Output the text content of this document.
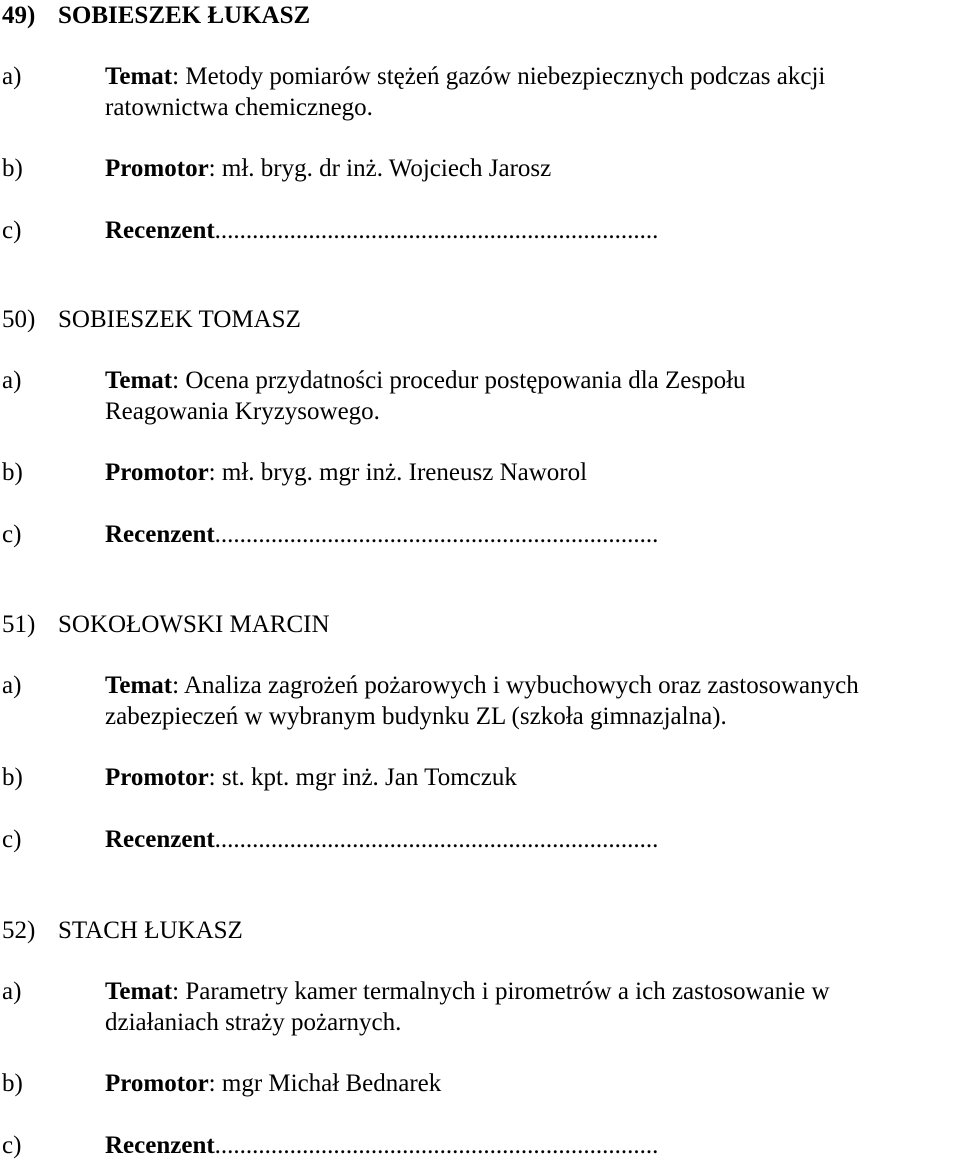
49) SOBIESZEK ŁUKASZ
a)	Temat: Metody pomiarów stężeń gazów niebezpiecznych podczas akcji
ratownictwa chemicznego.
b)	Promotor: mł. bryg. dr inż. Wojciech Jarosz
c)	Recenzent.......................................................................
50) SOBIESZEK TOMASZ
a)	Temat: Ocena przydatności procedur postępowania dla Zespołu
Reagowania Kryzysowego.
b)	Promotor: mł. bryg. mgr inż. Ireneusz Naworol
c)	Recenzent.......................................................................
51) SOKOŁOWSKI MARCIN
a)	Temat: Analiza zagrożeń pożarowych i wybuchowych oraz zastosowanych
zabezpieczeń w wybranym budynku ZL (szkoła gimnazjalna).
b)	Promotor: st. kpt. mgr inż. Jan Tomczuk
c)	Recenzent.......................................................................
52) STACH ŁUKASZ
a)	Temat: Parametry kamer termalnych i pirometrów a ich zastosowanie w
działaniach straży pożarnych.
b)	Promotor: mgr Michał Bednarek
c)	Recenzent.......................................................................
